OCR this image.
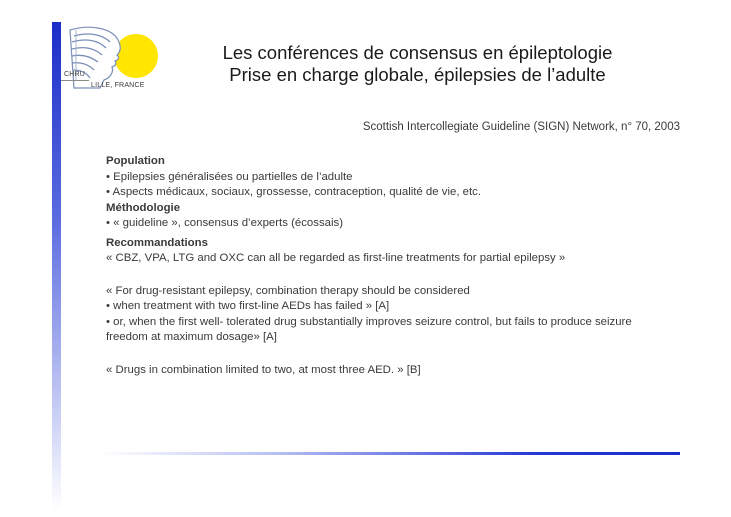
CHRU
LILLE, FRANCE
Les conférences de consensus en épileptologie
Prise en charge globale, épilepsies de l’adulte
Scottish Intercollegiate Guideline (SIGN) Network, n° 70, 2003
Population
• Epilepsies généralisées ou partielles de l’adulte
• Aspects médicaux, sociaux, grossesse, contraception, qualité de vie, etc.
Méthodologie
• « guideline », consensus d’experts (écossais)
Recommandations
« CBZ, VPA, LTG and OXC can all be regarded as first-line treatments for partial epilepsy »
« For drug-resistant epilepsy, combination therapy should be considered
• when treatment with two first-line AEDs has failed » [A]
• or, when the first well- tolerated drug substantially improves seizure control, but fails to produce seizure freedom at maximum dosage» [A]
« Drugs in combination limited to two, at most three AED. » [B]
